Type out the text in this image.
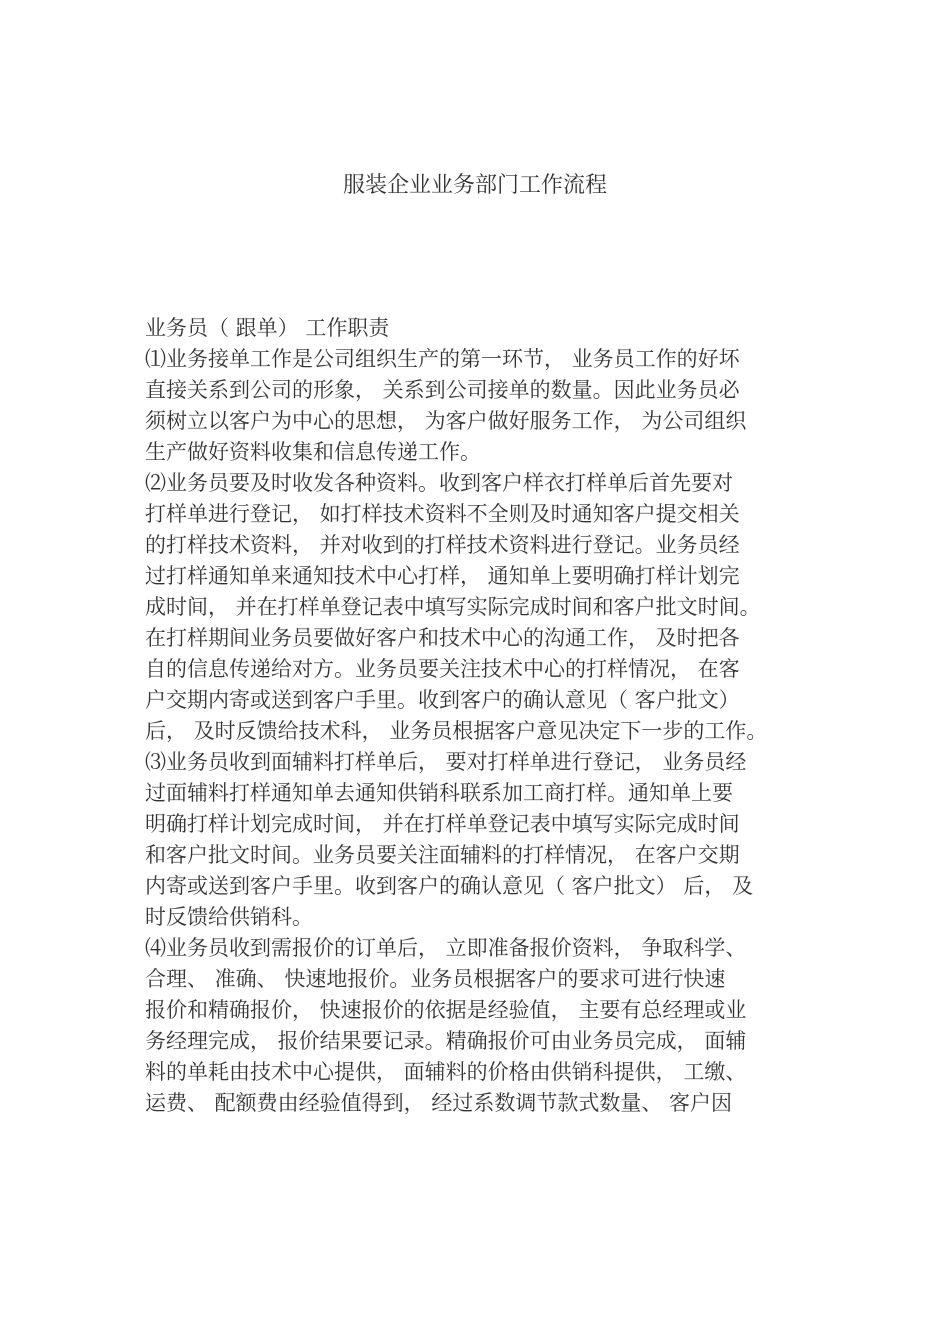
服装企业业务部门工作流程
业务员（ 跟单） 工作职责
⑴业务接单工作是公司组织生产的第一环节， 业务员工作的好坏
直接关系到公司的形象， 关系到公司接单的数量。因此业务员必
须树立以客户为中心的思想， 为客户做好服务工作， 为公司组织
生产做好资料收集和信息传递工作。
⑵业务员要及时收发各种资料。收到客户样衣打样单后首先要对
打样单进行登记， 如打样技术资料不全则及时通知客户提交相关
的打样技术资料， 并对收到的打样技术资料进行登记。业务员经
过打样通知单来通知技术中心打样， 通知单上要明确打样计划完
成时间， 并在打样单登记表中填写实际完成时间和客户批文时间。
在打样期间业务员要做好客户和技术中心的沟通工作， 及时把各
自的信息传递给对方。业务员要关注技术中心的打样情况， 在客
户交期内寄或送到客户手里。收到客户的确认意见（ 客户批文）
后， 及时反馈给技术科， 业务员根据客户意见决定下一步的工作。
⑶业务员收到面辅料打样单后， 要对打样单进行登记， 业务员经
过面辅料打样通知单去通知供销科联系加工商打样。通知单上要
明确打样计划完成时间， 并在打样单登记表中填写实际完成时间
和客户批文时间。业务员要关注面辅料的打样情况， 在客户交期
内寄或送到客户手里。收到客户的确认意见（ 客户批文） 后， 及
时反馈给供销科。
⑷业务员收到需报价的订单后， 立即准备报价资料， 争取科学、
合理、 准确、 快速地报价。业务员根据客户的要求可进行快速
报价和精确报价， 快速报价的依据是经验值， 主要有总经理或业
务经理完成， 报价结果要记录。精确报价可由业务员完成， 面辅
料的单耗由技术中心提供， 面辅料的价格由供销科提供， 工缴、
运费、 配额费由经验值得到， 经过系数调节款式数量、 客户因
